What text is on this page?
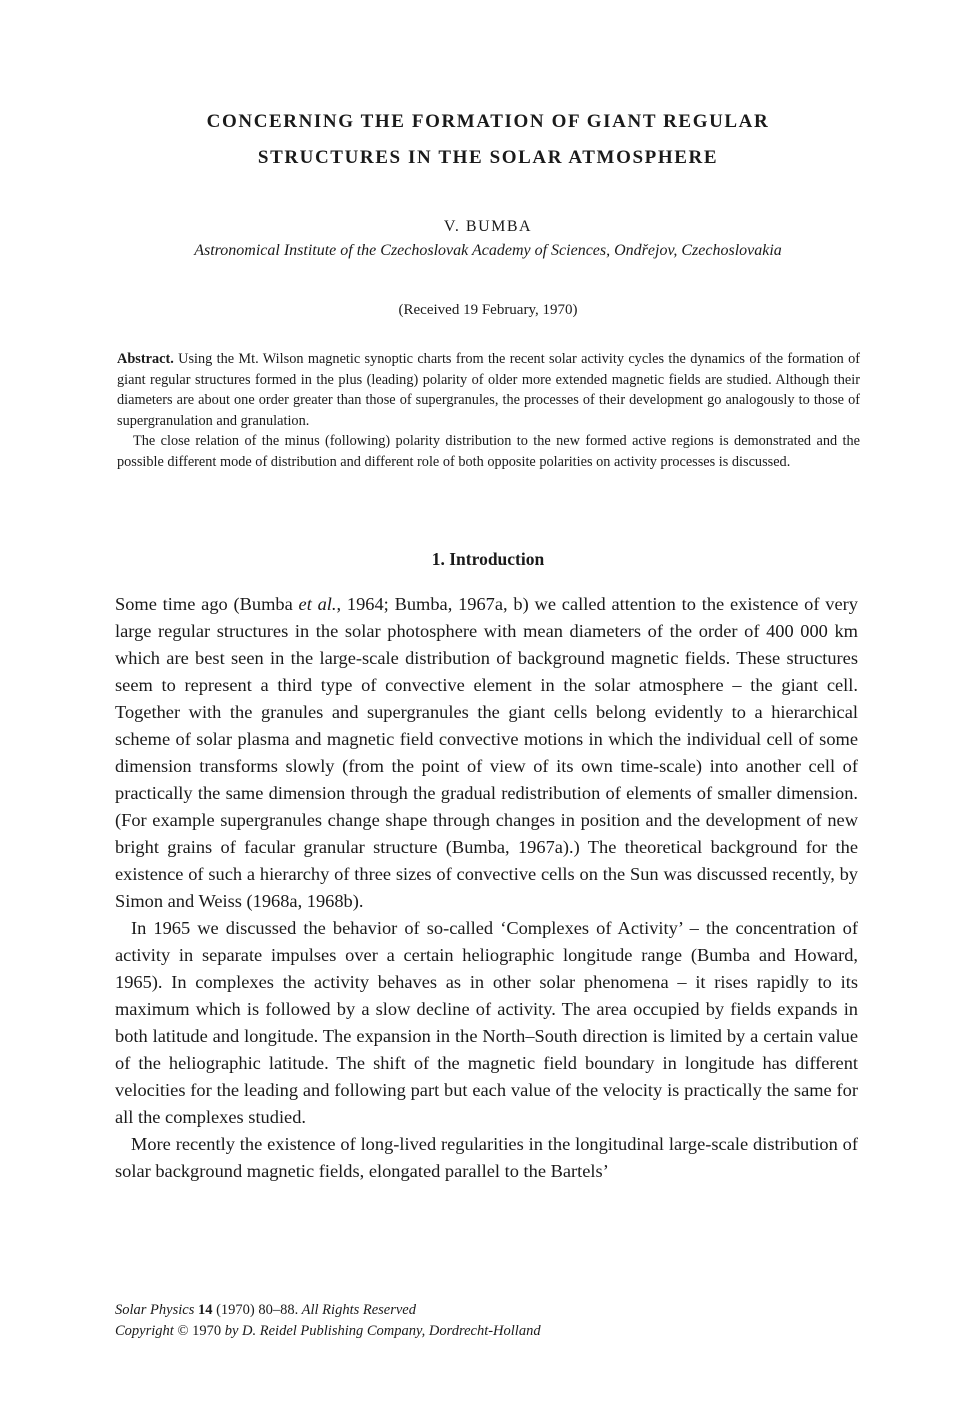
CONCERNING THE FORMATION OF GIANT REGULAR
STRUCTURES IN THE SOLAR ATMOSPHERE
V. BUMBA
Astronomical Institute of the Czechoslovak Academy of Sciences, Ondřejov, Czechoslovakia
(Received 19 February, 1970)

Abstract. Using the Mt. Wilson magnetic synoptic charts from the recent solar activity cycles the dynamics of the formation of giant regular structures formed in the plus (leading) polarity of older more extended magnetic fields are studied. Although their diameters are about one order greater than those of supergranules, the processes of their development go analogously to those of supergranulation and granulation.

The close relation of the minus (following) polarity distribution to the new formed active regions is demonstrated and the possible different mode of distribution and different role of both opposite polarities on activity processes is discussed.

1. Introduction

Some time ago (Bumba et al., 1964; Bumba, 1967a, b) we called attention to the existence of very large regular structures in the solar photosphere with mean diameters of the order of 400 000 km which are best seen in the large-scale distribution of background magnetic fields. These structures seem to represent a third type of convective element in the solar atmosphere – the giant cell. Together with the granules and supergranules the giant cells belong evidently to a hierarchical scheme of solar plasma and magnetic field convective motions in which the individual cell of some dimension transforms slowly (from the point of view of its own time-scale) into another cell of practically the same dimension through the gradual redistribution of elements of smaller dimension. (For example supergranules change shape through changes in position and the development of new bright grains of facular granular structure (Bumba, 1967a).) The theoretical background for the existence of such a hierarchy of three sizes of convective cells on the Sun was discussed recently, by Simon and Weiss (1968a, 1968b).

In 1965 we discussed the behavior of so-called ‘Complexes of Activity’ – the concentration of activity in separate impulses over a certain heliographic longitude range (Bumba and Howard, 1965). In complexes the activity behaves as in other solar phenomena – it rises rapidly to its maximum which is followed by a slow decline of activity. The area occupied by fields expands in both latitude and longitude. The expansion in the North–South direction is limited by a certain value of the heliographic latitude. The shift of the magnetic field boundary in longitude has different velocities for the leading and following part but each value of the velocity is practically the same for all the complexes studied.

More recently the existence of long-lived regularities in the longitudinal large-scale distribution of solar background magnetic fields, elongated parallel to the Bartels’

Solar Physics 14 (1970) 80–88. All Rights Reserved
Copyright © 1970 by D. Reidel Publishing Company, Dordrecht-Holland
